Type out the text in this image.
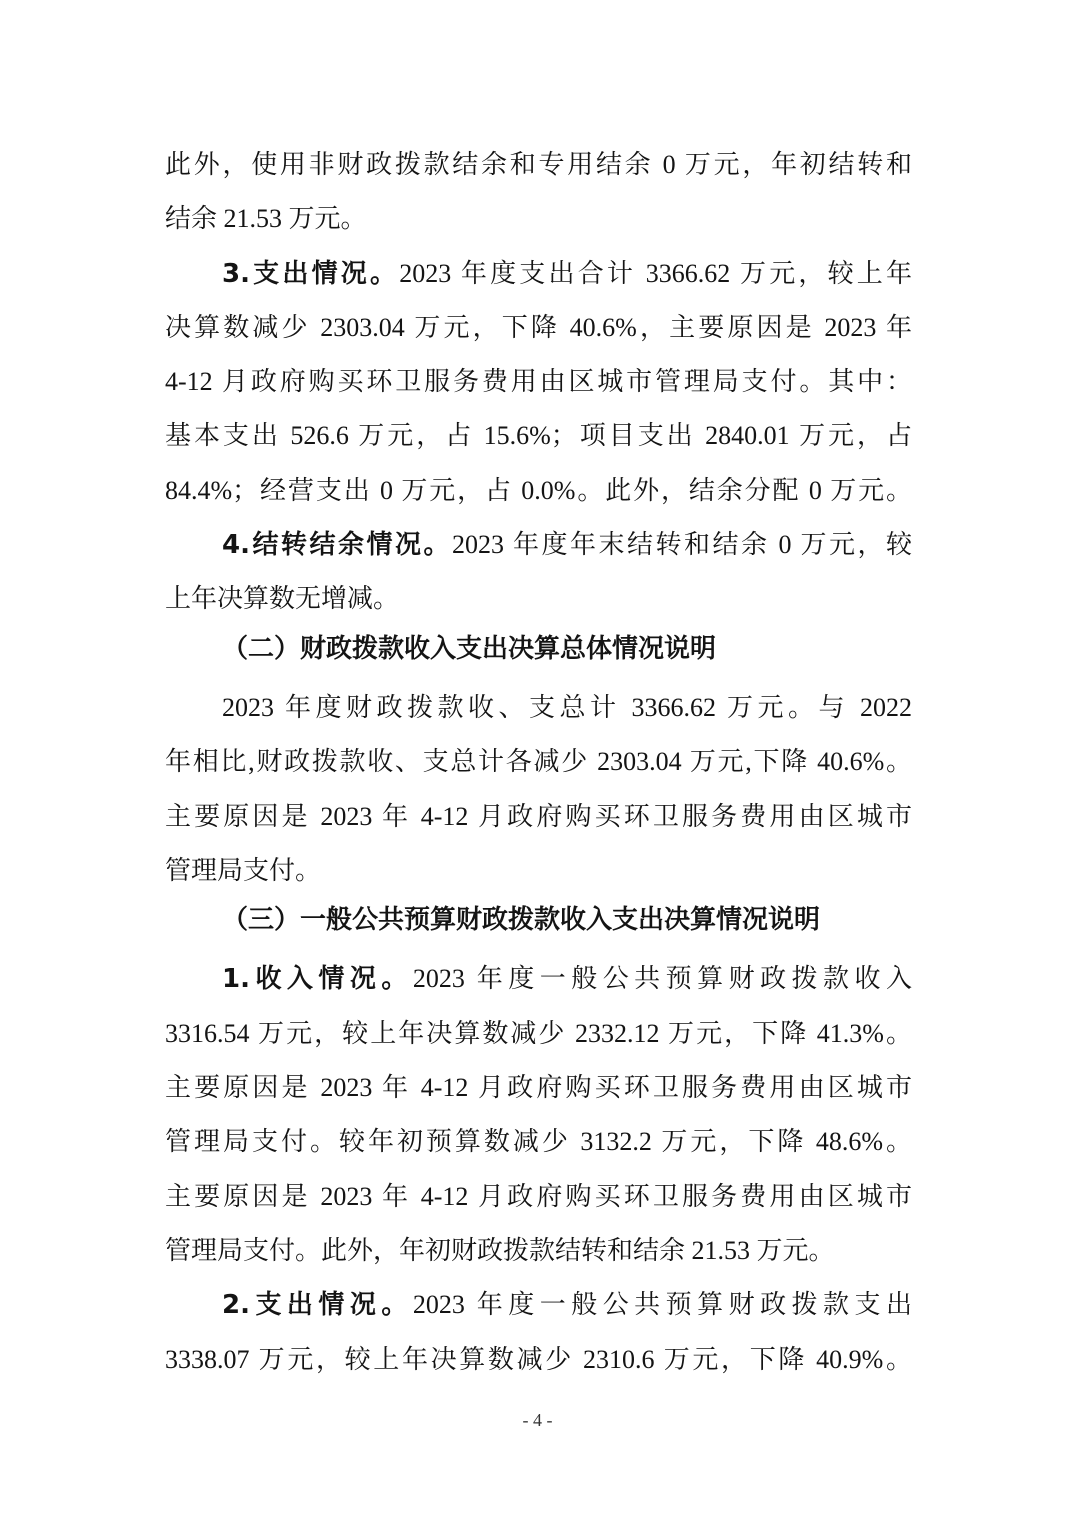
此外，使用非财政拨款结余和专用结余 0 万元，年初结转和
结余 21.53 万元。
3.支出情况。2023 年度支出合计 3366.62 万元，较上年
决算数减少 2303.04 万元，下降 40.6%，主要原因是 2023 年
4-12 月政府购买环卫服务费用由区城市管理局支付。其中：
基本支出 526.6 万元，占 15.6%；项目支出 2840.01 万元，占
84.4%；经营支出 0 万元，占 0.0%。此外，结余分配 0 万元。
4.结转结余情况。2023 年度年末结转和结余 0 万元，较
上年决算数无增减。
（二）财政拨款收入支出决算总体情况说明
2023 年度财政拨款收、支总计 3366.62 万元。与 2022
年相比,财政拨款收、支总计各减少 2303.04 万元,下降 40.6%。
主要原因是 2023 年 4-12 月政府购买环卫服务费用由区城市
管理局支付。
（三）一般公共预算财政拨款收入支出决算情况说明
1.收入情况。2023 年度一般公共预算财政拨款收入
3316.54 万元，较上年决算数减少 2332.12 万元，下降 41.3%。
主要原因是 2023 年 4-12 月政府购买环卫服务费用由区城市
管理局支付。较年初预算数减少 3132.2 万元，下降 48.6%。
主要原因是 2023 年 4-12 月政府购买环卫服务费用由区城市
管理局支付。此外，年初财政拨款结转和结余 21.53 万元。
2.支出情况。2023 年度一般公共预算财政拨款支出
3338.07 万元，较上年决算数减少 2310.6 万元，下降 40.9%。
- 4 -
